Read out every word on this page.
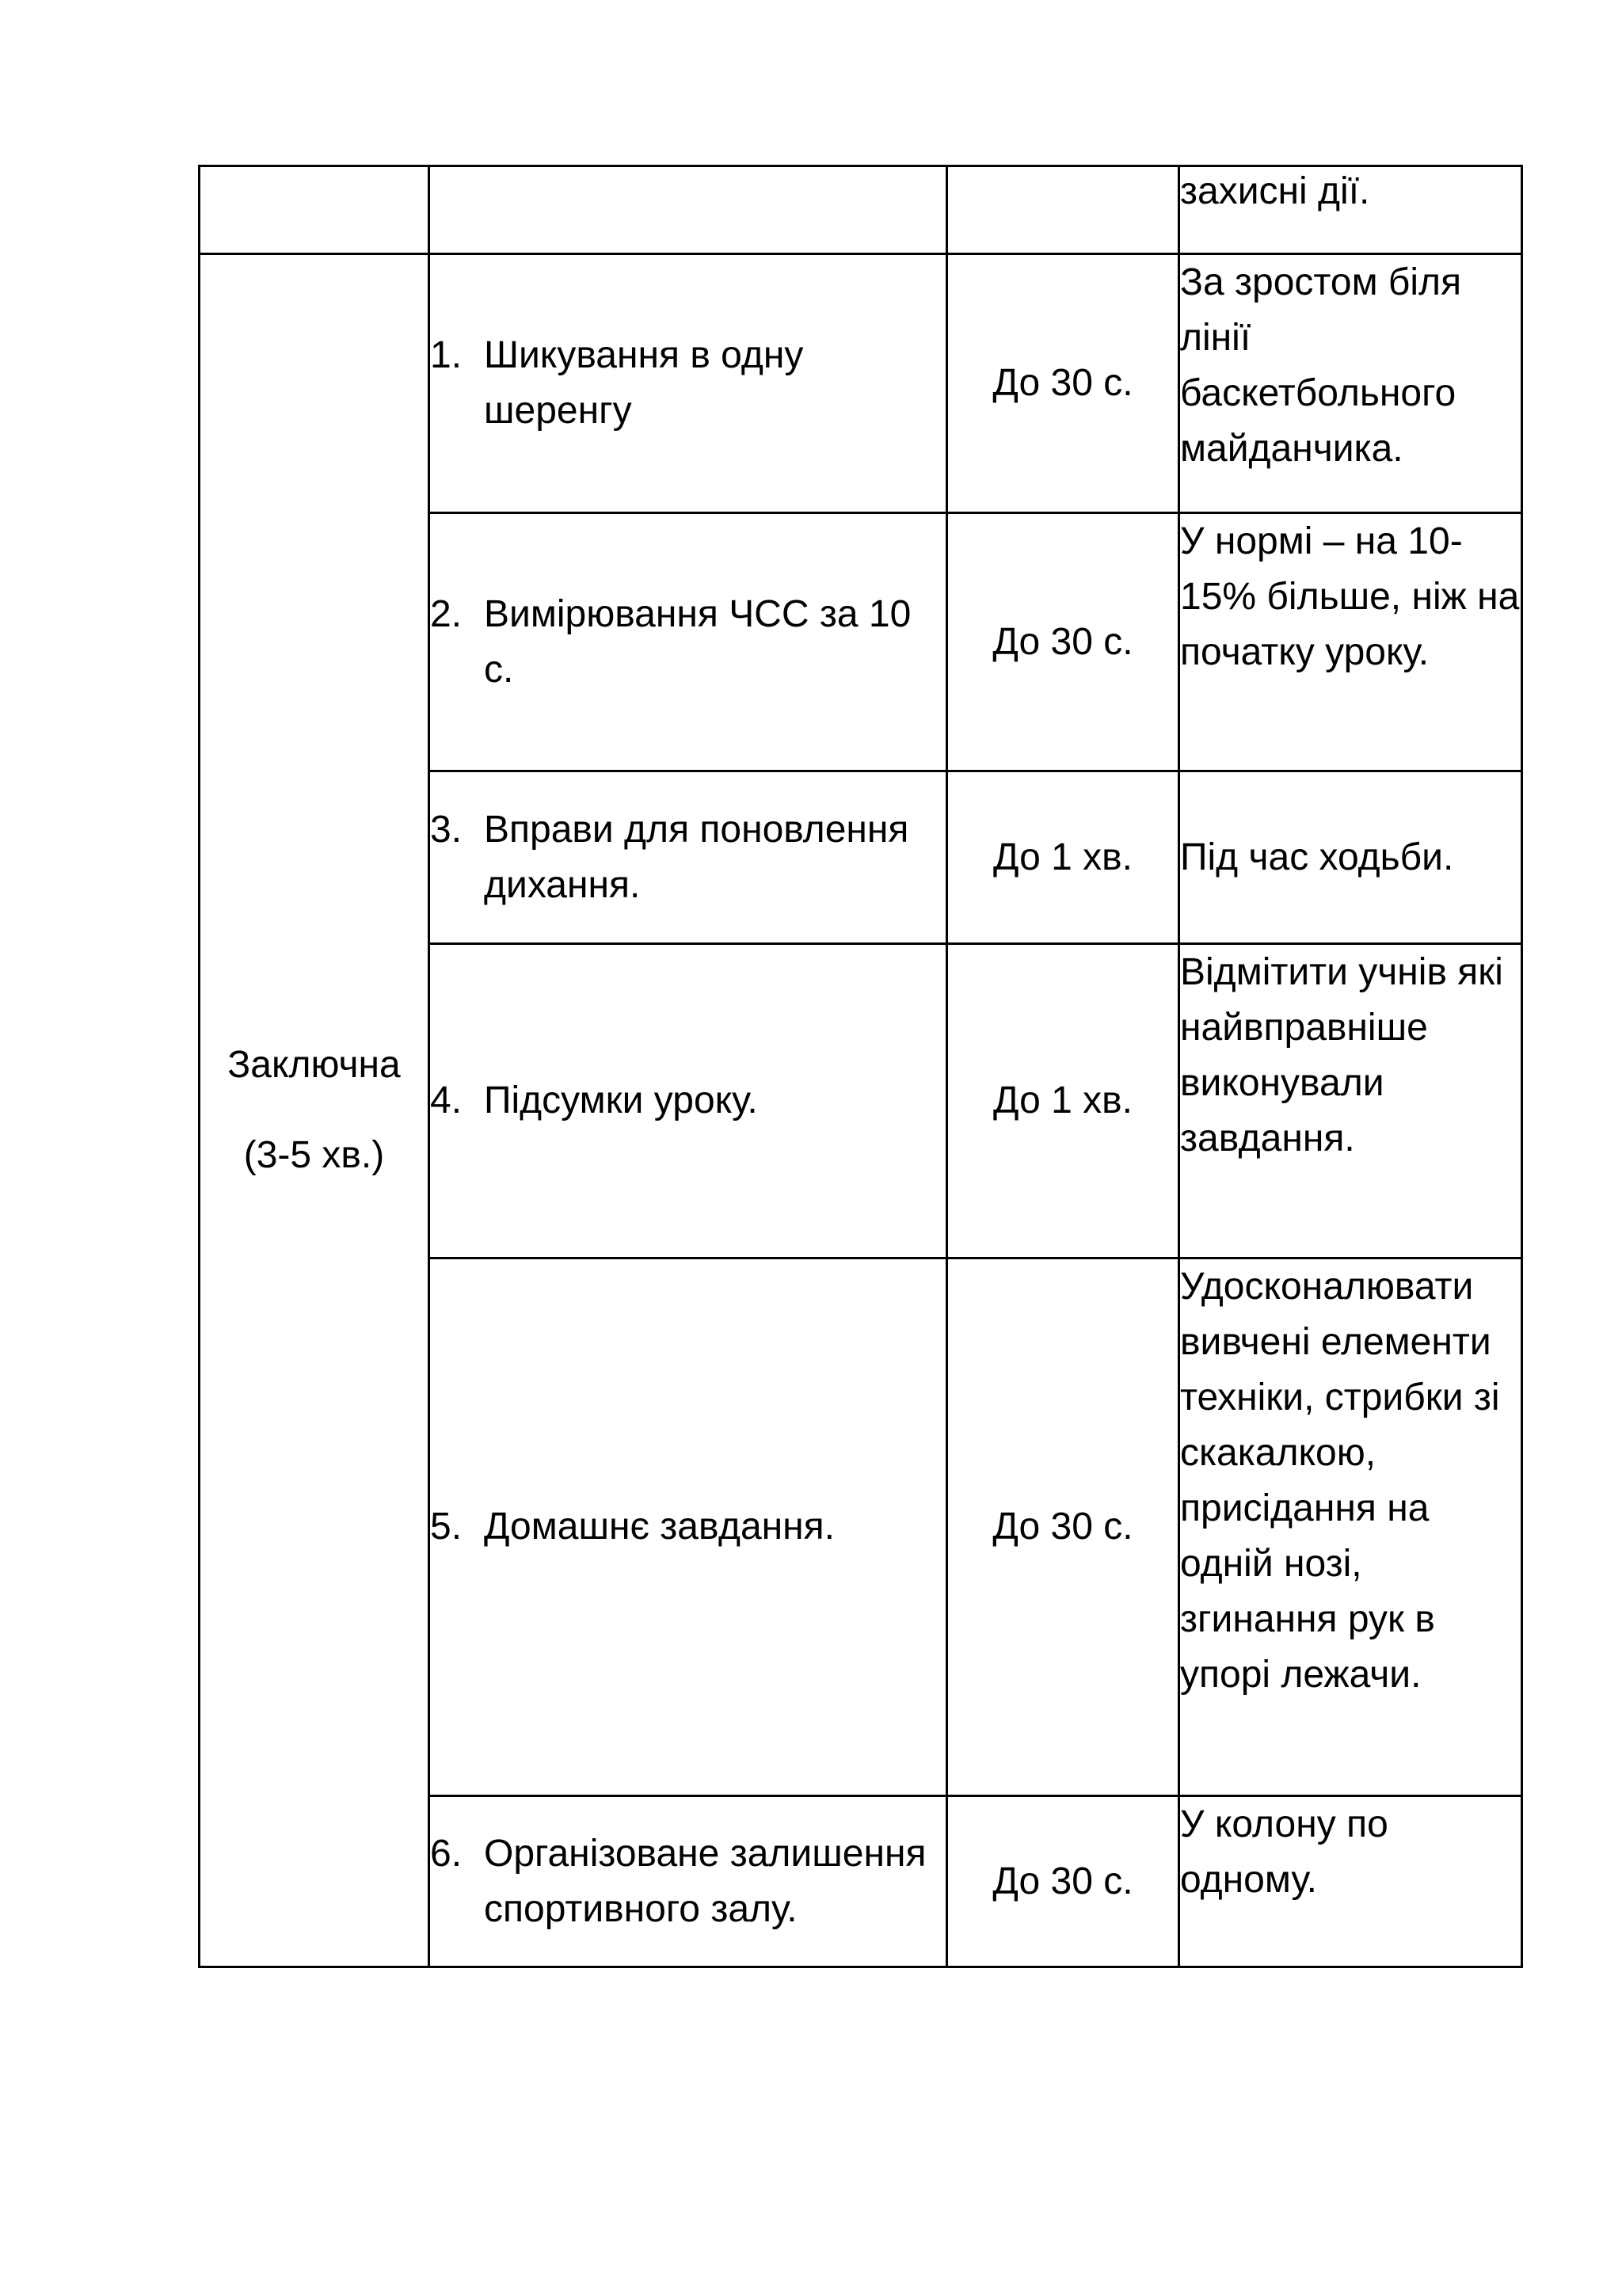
			захисні дії.

Заключна
(3-5 хв.)	1. Шикування в одну шеренгу	До 30 с.	За зростом біля лінії баскетбольного майданчика.

	2. Вимірювання ЧСС за 10 с.	До 30 с.	У нормі – на 10-15% більше, ніж на початку уроку.

	3. Вправи для поновлення дихання.	До 1 хв.	Під час ходьби.

	4. Підсумки уроку.	До 1 хв.	Відмітити учнів які найвправніше виконували завдання.

	5. Домашнє завдання.	До 30 с.	Удосконалювати вивчені елементи техніки, стрибки зі скакалкою, присідання на одній нозі, згинання рук в упорі лежачи.

	6. Організоване залишення спортивного залу.	До 30 с.	У колону по одному.
